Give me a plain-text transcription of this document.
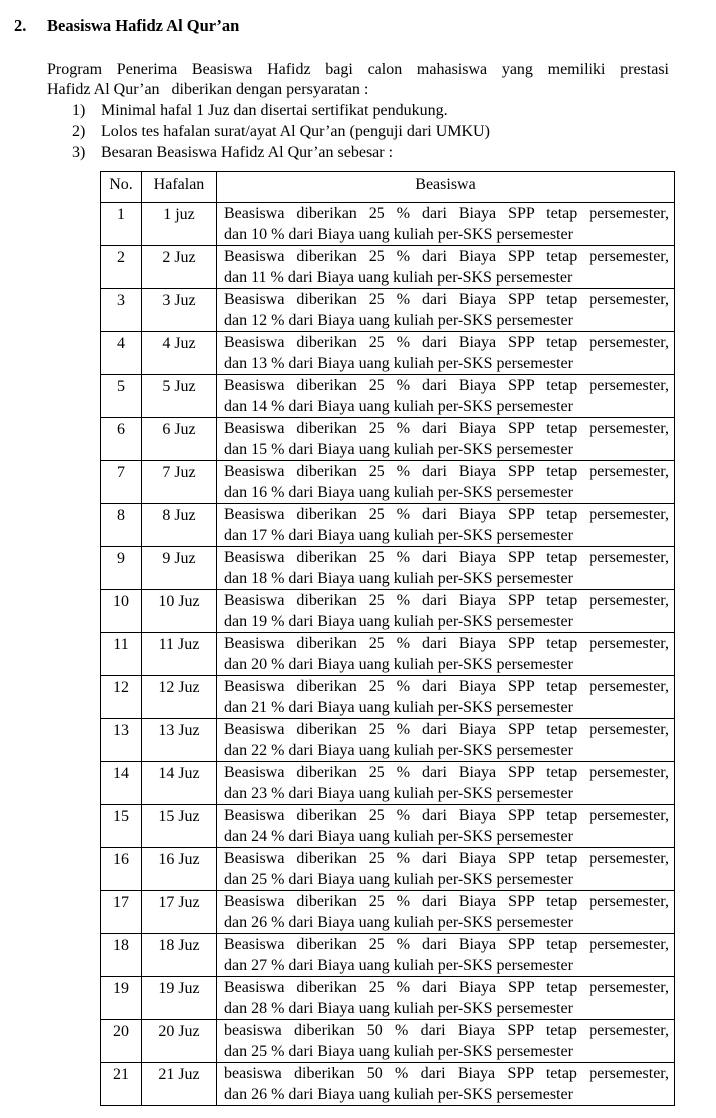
2. Beasiswa Hafidz Al Qur’an
Program Penerima Beasiswa Hafidz bagi calon mahasiswa yang memiliki prestasi
Hafidz Al Qur’an   diberikan dengan persyaratan :
1) Minimal hafal 1 Juz dan disertai sertifikat pendukung.
2) Lolos tes hafalan surat/ayat Al Qur’an (penguji dari UMKU)
3) Besaran Beasiswa Hafidz Al Qur’an sebesar :
No.	Hafalan	Beasiswa
1	1 juz	Beasiswa diberikan 25 % dari Biaya SPP tetap persemester,
dan 10 % dari Biaya uang kuliah per-SKS persemester

2	2 Juz	Beasiswa diberikan 25 % dari Biaya SPP tetap persemester,
dan 11 % dari Biaya uang kuliah per-SKS persemester

3	3 Juz	Beasiswa diberikan 25 % dari Biaya SPP tetap persemester,
dan 12 % dari Biaya uang kuliah per-SKS persemester

4	4 Juz	Beasiswa diberikan 25 % dari Biaya SPP tetap persemester,
dan 13 % dari Biaya uang kuliah per-SKS persemester

5	5 Juz	Beasiswa diberikan 25 % dari Biaya SPP tetap persemester,
dan 14 % dari Biaya uang kuliah per-SKS persemester

6	6 Juz	Beasiswa diberikan 25 % dari Biaya SPP tetap persemester,
dan 15 % dari Biaya uang kuliah per-SKS persemester

7	7 Juz	Beasiswa diberikan 25 % dari Biaya SPP tetap persemester,
dan 16 % dari Biaya uang kuliah per-SKS persemester

8	8 Juz	Beasiswa diberikan 25 % dari Biaya SPP tetap persemester,
dan 17 % dari Biaya uang kuliah per-SKS persemester

9	9 Juz	Beasiswa diberikan 25 % dari Biaya SPP tetap persemester,
dan 18 % dari Biaya uang kuliah per-SKS persemester

10	10 Juz	Beasiswa diberikan 25 % dari Biaya SPP tetap persemester,
dan 19 % dari Biaya uang kuliah per-SKS persemester

11	11 Juz	Beasiswa diberikan 25 % dari Biaya SPP tetap persemester,
dan 20 % dari Biaya uang kuliah per-SKS persemester

12	12 Juz	Beasiswa diberikan 25 % dari Biaya SPP tetap persemester,
dan 21 % dari Biaya uang kuliah per-SKS persemester

13	13 Juz	Beasiswa diberikan 25 % dari Biaya SPP tetap persemester,
dan 22 % dari Biaya uang kuliah per-SKS persemester

14	14 Juz	Beasiswa diberikan 25 % dari Biaya SPP tetap persemester,
dan 23 % dari Biaya uang kuliah per-SKS persemester

15	15 Juz	Beasiswa diberikan 25 % dari Biaya SPP tetap persemester,
dan 24 % dari Biaya uang kuliah per-SKS persemester

16	16 Juz	Beasiswa diberikan 25 % dari Biaya SPP tetap persemester,
dan 25 % dari Biaya uang kuliah per-SKS persemester

17	17 Juz	Beasiswa diberikan 25 % dari Biaya SPP tetap persemester,
dan 26 % dari Biaya uang kuliah per-SKS persemester

18	18 Juz	Beasiswa diberikan 25 % dari Biaya SPP tetap persemester,
dan 27 % dari Biaya uang kuliah per-SKS persemester

19	19 Juz	Beasiswa diberikan 25 % dari Biaya SPP tetap persemester,
dan 28 % dari Biaya uang kuliah per-SKS persemester

20	20 Juz	beasiswa diberikan 50 % dari Biaya SPP tetap persemester,
dan 25 % dari Biaya uang kuliah per-SKS persemester

21	21 Juz	beasiswa diberikan 50 % dari Biaya SPP tetap persemester,
dan 26 % dari Biaya uang kuliah per-SKS persemester
